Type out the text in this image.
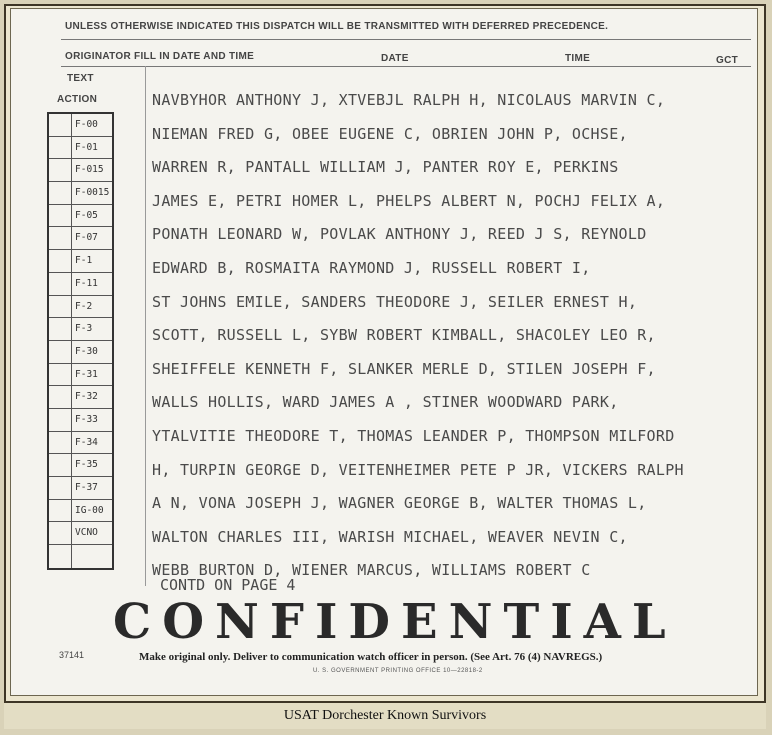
UNLESS OTHERWISE INDICATED THIS DISPATCH WILL BE TRANSMITTED WITH DEFERRED PRECEDENCE.
ORIGINATOR FILL IN DATE AND TIME	DATE	TIME	GCT
TEXT
ACTION
F-00
F-01
F-015
F-0015
F-05
F-07
F-1
F-11
F-2
F-3
F-30
F-31
F-32
F-33
F-34
F-35
F-37
IG-00
VCNO
NAVBYHOR ANTHONY J, XTVEBJL RALPH H, NICOLAUS MARVIN C,
NIEMAN FRED G, OBEE EUGENE C, OBRIEN JOHN P, OCHSE,
WARREN R, PANTALL WILLIAM J, PANTER ROY E, PERKINS
JAMES E, PETRI HOMER L, PHELPS ALBERT N, POCHJ FELIX A,
PONATH LEONARD W, POVLAK ANTHONY J, REED J S, REYNOLD
EDWARD B, ROSMAITA RAYMOND J, RUSSELL ROBERT I,
ST JOHNS EMILE, SANDERS THEODORE J, SEILER ERNEST H,
SCOTT, RUSSELL L, SYBW ROBERT KIMBALL, SHACOLEY LEO R,
SHEIFFELE KENNETH F, SLANKER MERLE D, STILEN JOSEPH F,
WALLS HOLLIS, WARD JAMES A , STINER WOODWARD PARK,
YTALVITIE THEODORE T, THOMAS LEANDER P, THOMPSON MILFORD
H, TURPIN GEORGE D, VEITENHEIMER PETE P JR, VICKERS RALPH
A N, VONA JOSEPH J, WAGNER GEORGE B, WALTER THOMAS L,
WALTON CHARLES III, WARISH MICHAEL, WEAVER NEVIN C,
WEBB BURTON D, WIENER MARCUS, WILLIAMS ROBERT C
CONTD ON PAGE 4
CONFIDENTIAL
37141	Make original only. Deliver to communication watch officer in person. (See Art. 76 (4) NAVREGS.)
U. S. GOVERNMENT PRINTING OFFICE 10—22818-2
USAT Dorchester Known Survivors
